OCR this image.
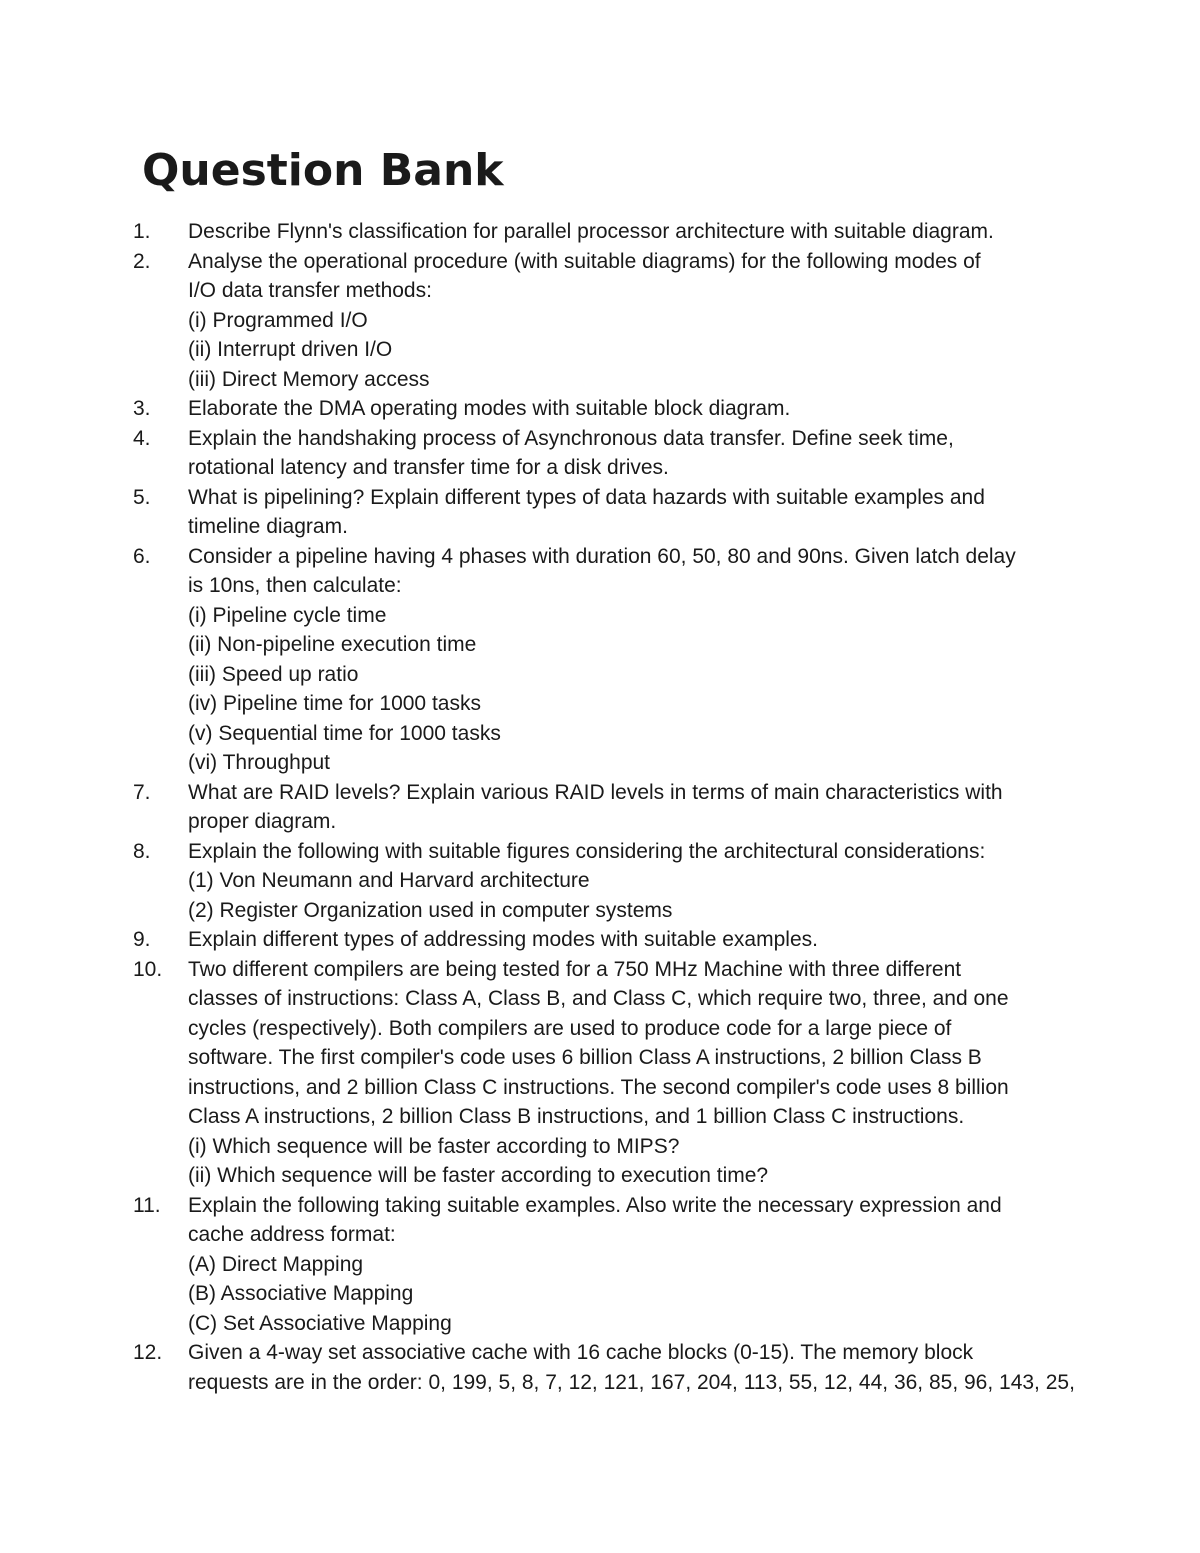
Question Bank
1.	Describe Flynn's classification for parallel processor architecture with suitable diagram.
2.	Analyse the operational procedure (with suitable diagrams) for the following modes of
I/O data transfer methods:
(i) Programmed I/O
(ii) Interrupt driven I/O
(iii) Direct Memory access
3.	Elaborate the DMA operating modes with suitable block diagram.
4.	Explain the handshaking process of Asynchronous data transfer. Define seek time,
rotational latency and transfer time for a disk drives.
5.	What is pipelining? Explain different types of data hazards with suitable examples and
timeline diagram.
6.	Consider a pipeline having 4 phases with duration 60, 50, 80 and 90ns. Given latch delay
is 10ns, then calculate:
(i) Pipeline cycle time
(ii) Non-pipeline execution time
(iii) Speed up ratio
(iv) Pipeline time for 1000 tasks
(v) Sequential time for 1000 tasks
(vi) Throughput
7.	What are RAID levels? Explain various RAID levels in terms of main characteristics with
proper diagram.
8.	Explain the following with suitable figures considering the architectural considerations:
(1) Von Neumann and Harvard architecture
(2) Register Organization used in computer systems
9.	Explain different types of addressing modes with suitable examples.
10.	Two different compilers are being tested for a 750 MHz Machine with three different
classes of instructions: Class A, Class B, and Class C, which require two, three, and one
cycles (respectively). Both compilers are used to produce code for a large piece of
software. The first compiler's code uses 6 billion Class A instructions, 2 billion Class B
instructions, and 2 billion Class C instructions. The second compiler's code uses 8 billion
Class A instructions, 2 billion Class B instructions, and 1 billion Class C instructions.
(i) Which sequence will be faster according to MIPS?
(ii) Which sequence will be faster according to execution time?
11.	Explain the following taking suitable examples. Also write the necessary expression and
cache address format:
(A) Direct Mapping
(B) Associative Mapping
(C) Set Associative Mapping
12.	Given a 4-way set associative cache with 16 cache blocks (0-15). The memory block
requests are in the order: 0, 199, 5, 8, 7, 12, 121, 167, 204, 113, 55, 12, 44, 36, 85, 96, 143, 25,
